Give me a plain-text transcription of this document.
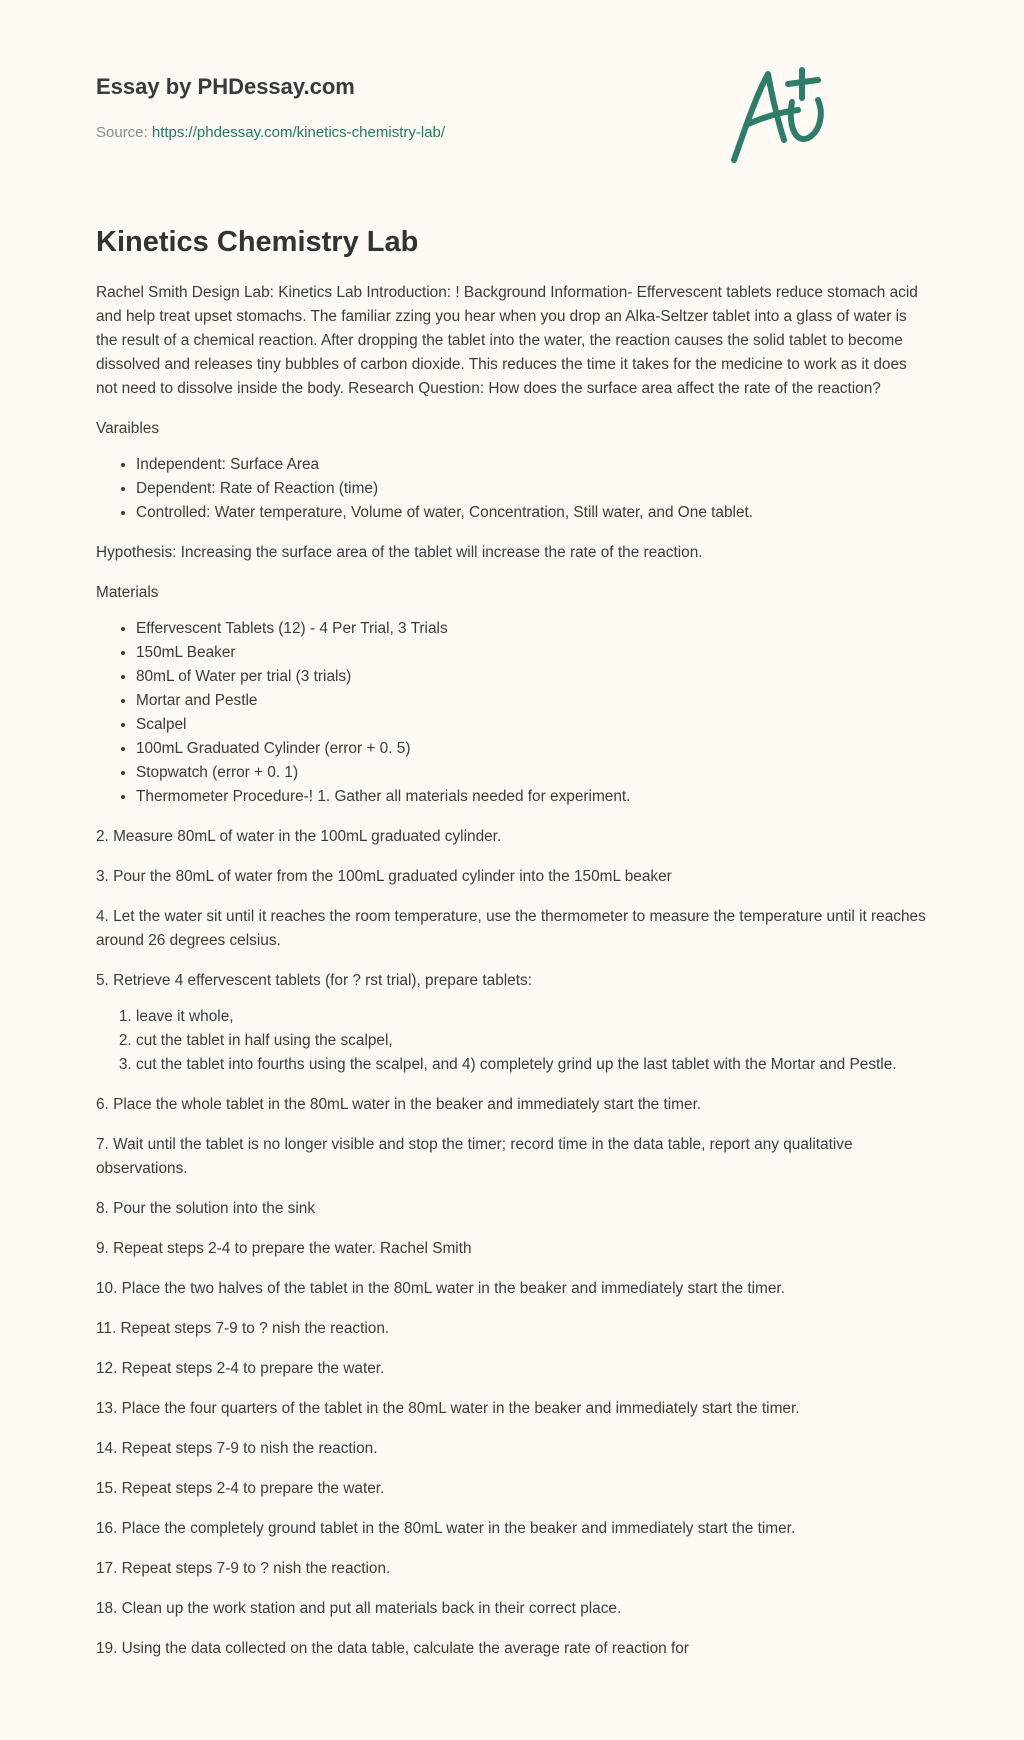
Essay by PHDessay.com
Source: https://phdessay.com/kinetics-chemistry-lab/
Kinetics Chemistry Lab

Rachel Smith Design Lab: Kinetics Lab Introduction: ! Background Information- Effervescent tablets reduce stomach acid and help treat upset stomachs. The familiar zzing you hear when you drop an Alka-Seltzer tablet into a glass of water is the result of a chemical reaction. After dropping the tablet into the water, the reaction causes the solid tablet to become dissolved and releases tiny bubbles of carbon dioxide. This reduces the time it takes for the medicine to work as it does not need to dissolve inside the body. Research Question: How does the surface area affect the rate of the reaction?

Varaibles

• Independent: Surface Area
• Dependent: Rate of Reaction (time)
• Controlled: Water temperature, Volume of water, Concentration, Still water, and One tablet.

Hypothesis: Increasing the surface area of the tablet will increase the rate of the reaction.

Materials

• Effervescent Tablets (12) - 4 Per Trial, 3 Trials
• 150mL Beaker
• 80mL of Water per trial (3 trials)
• Mortar and Pestle
• Scalpel
• 100mL Graduated Cylinder (error + 0. 5)
• Stopwatch (error + 0. 1)
• Thermometer Procedure-! 1. Gather all materials needed for experiment.

2. Measure 80mL of water in the 100mL graduated cylinder.

3. Pour the 80mL of water from the 100mL graduated cylinder into the 150mL beaker

4. Let the water sit until it reaches the room temperature, use the thermometer to measure the temperature until it reaches around 26 degrees celsius.

5. Retrieve 4 effervescent tablets (for ? rst trial), prepare tablets:

1. leave it whole,
2. cut the tablet in half using the scalpel,
3. cut the tablet into fourths using the scalpel, and 4) completely grind up the last tablet with the Mortar and Pestle.

6. Place the whole tablet in the 80mL water in the beaker and immediately start the timer.

7. Wait until the tablet is no longer visible and stop the timer; record time in the data table, report any qualitative observations.

8. Pour the solution into the sink

9. Repeat steps 2-4 to prepare the water. Rachel Smith

10. Place the two halves of the tablet in the 80mL water in the beaker and immediately start the timer.

11. Repeat steps 7-9 to ? nish the reaction.

12. Repeat steps 2-4 to prepare the water.

13. Place the four quarters of the tablet in the 80mL water in the beaker and immediately start the timer.

14. Repeat steps 7-9 to nish the reaction.

15. Repeat steps 2-4 to prepare the water.

16. Place the completely ground tablet in the 80mL water in the beaker and immediately start the timer.

17. Repeat steps 7-9 to ? nish the reaction.

18. Clean up the work station and put all materials back in their correct place.

19. Using the data collected on the data table, calculate the average rate of reaction for
